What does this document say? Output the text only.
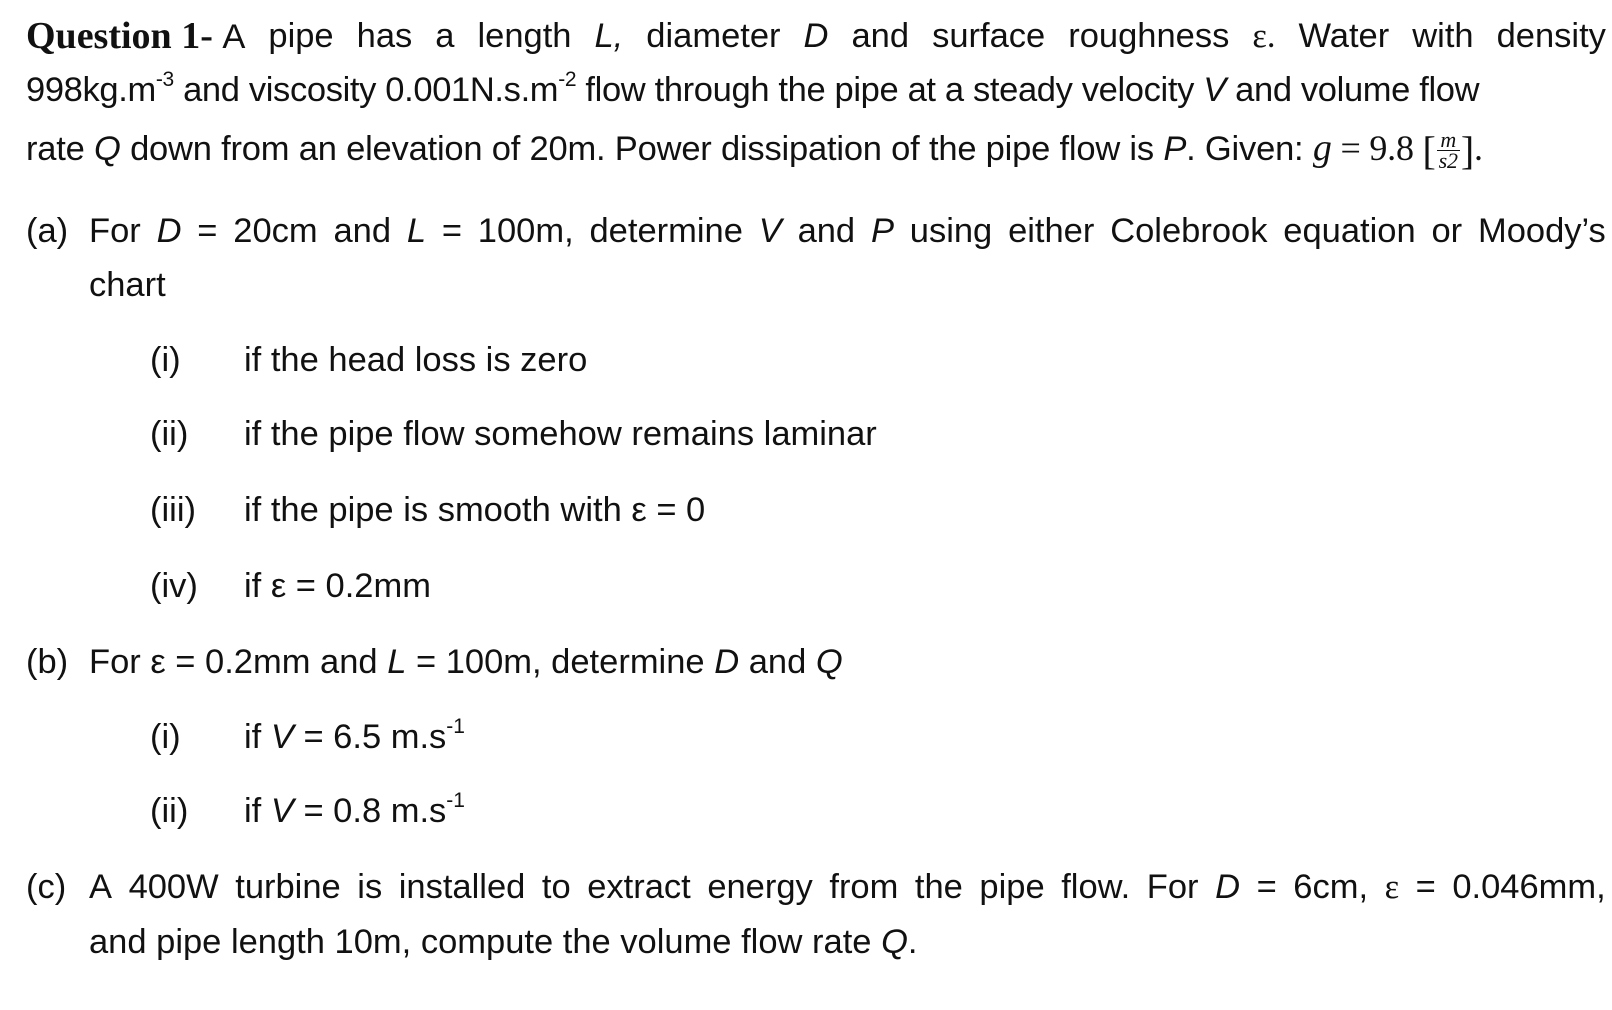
Question 1- A pipe has a length L, diameter D and surface roughness ε. Water with density
$998kg.m^{-3}$ and viscosity $0.001N.s.m^{-2}$ flow through the pipe at a steady velocity V and volume flow
rate Q down from an elevation of 20m. Power dissipation of the pipe flow is P. Given: g = 9.8 [ $\frac{m}{s2}$ ].
(a) For D = 20cm and L = 100m, determine V and P using either Colebrook equation or Moody’s
chart
(i) if the head loss is zero
(ii) if the pipe flow somehow remains laminar
(iii) if the pipe is smooth with ε = 0
(iv) if ε = 0.2mm
(b) For ε = 0.2mm and L = 100m, determine D and Q
(i) if V = 6.5 $m.s^{-1}$
(ii) if V = 0.8 $m.s^{-1}$
(c) A 400W turbine is installed to extract energy from the pipe flow. For D = 6cm, ε = 0.046mm,
and pipe length 10m, compute the volume flow rate Q.
